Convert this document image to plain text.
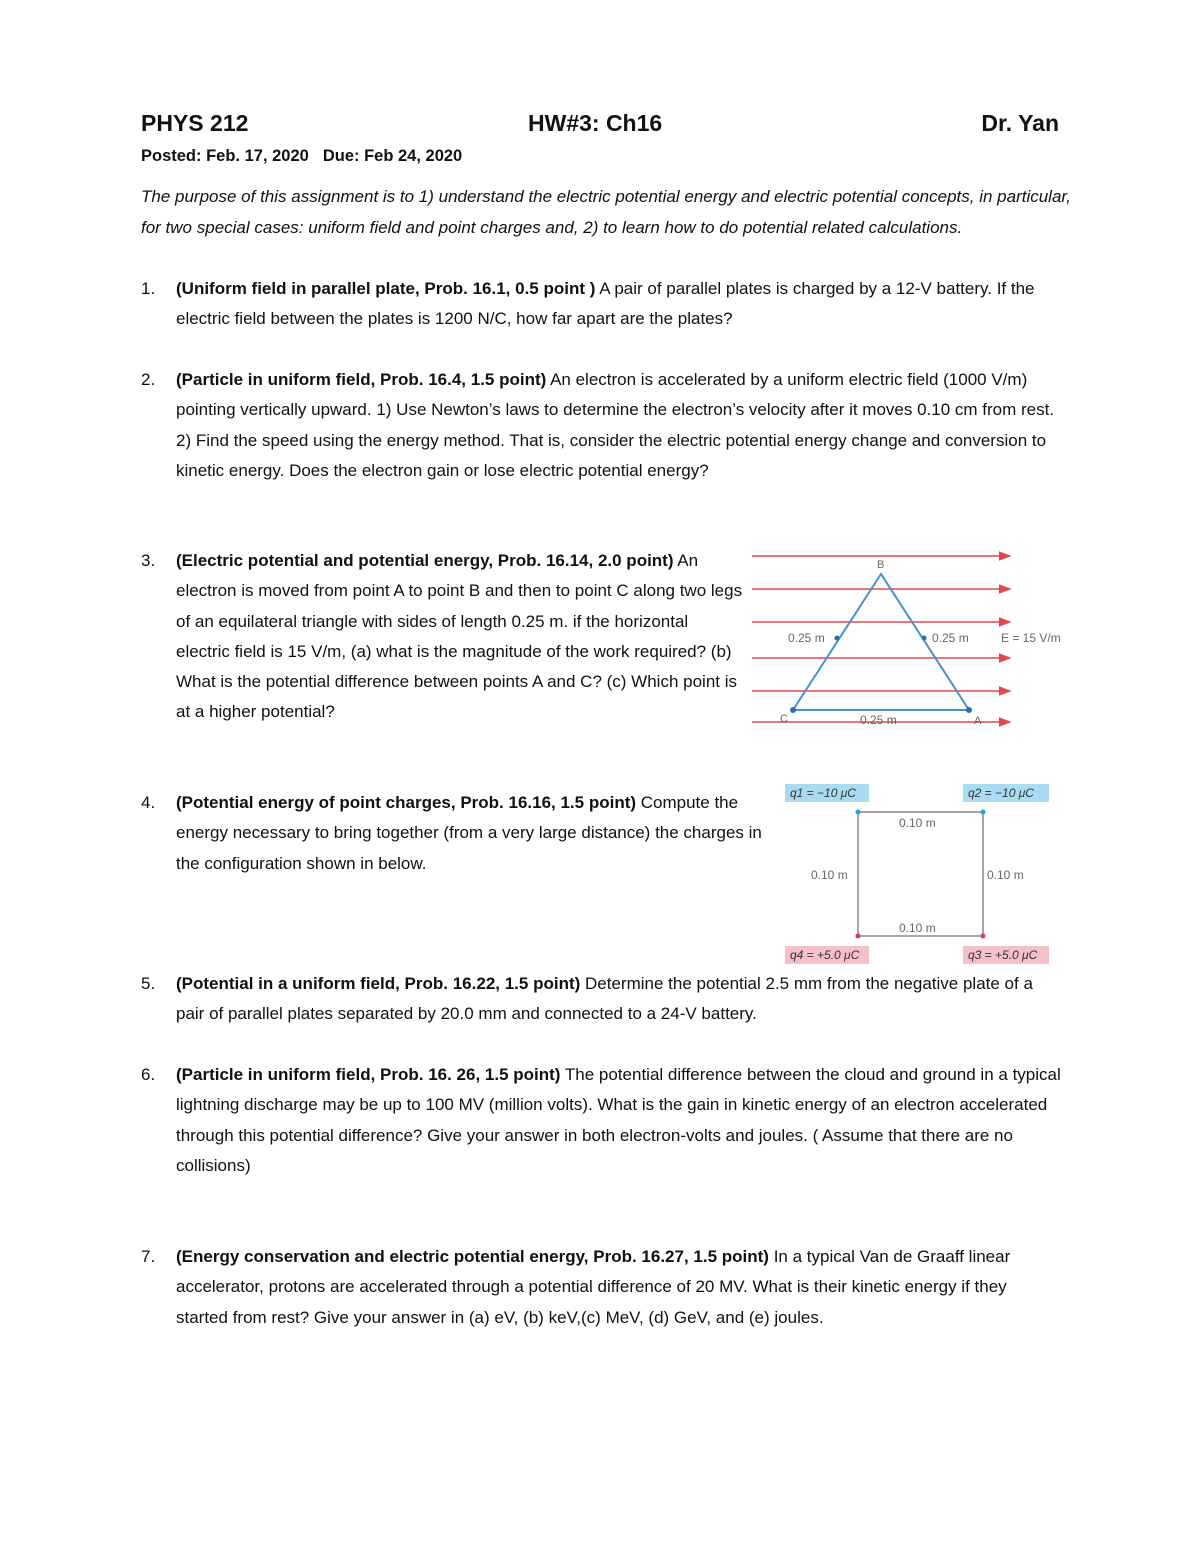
PHYS 212	HW#3: Ch16	Dr. Yan
Posted: Feb. 17, 2020 Due: Feb 24, 2020
The purpose of this assignment is to 1) understand the electric potential energy and electric potential concepts, in particular, for two special cases: uniform field and point charges and, 2) to learn how to do potential related calculations.
1.	(Uniform field in parallel plate, Prob. 16.1, 0.5 point ) A pair of parallel plates is charged by a 12-V battery. If the electric field between the plates is 1200 N/C, how far apart are the plates?
2.	(Particle in uniform field, Prob. 16.4, 1.5 point) An electron is accelerated by a uniform electric field (1000 V/m) pointing vertically upward. 1) Use Newton’s laws to determine the electron’s velocity after it moves 0.10 cm from rest. 2) Find the speed using the energy method. That is, consider the electric potential energy change and conversion to kinetic energy. Does the electron gain or lose electric potential energy?
3.	(Electric potential and potential energy, Prob. 16.14, 2.0 point) An electron is moved from point A to point B and then to point C along two legs of an equilateral triangle with sides of length 0.25 m. if the horizontal electric field is 15 V/m, (a) what is the magnitude of the work required? (b) What is the potential difference between points A and C? (c) Which point is at a higher potential?
4.	(Potential energy of point charges, Prob. 16.16, 1.5 point) Compute the energy necessary to bring together (from a very large distance) the charges in the configuration shown in below.
5.	(Potential in a uniform field, Prob. 16.22, 1.5 point) Determine the potential 2.5 mm from the negative plate of a pair of parallel plates separated by 20.0 mm and connected to a 24-V battery.
6.	(Particle in uniform field, Prob. 16. 26, 1.5 point) The potential difference between the cloud and ground in a typical lightning discharge may be up to 100 MV (million volts). What is the gain in kinetic energy of an electron accelerated through this potential difference? Give your answer in both electron-volts and joules. ( Assume that there are no collisions)
7.	(Energy conservation and electric potential energy, Prob. 16.27, 1.5 point) In a typical Van de Graaff linear accelerator, protons are accelerated through a potential difference of 20 MV. What is their kinetic energy if they started from rest? Give your answer in (a) eV, (b) keV,(c) MeV, (d) GeV, and (e) joules.
B
C	A
0.25 m	0.25 m
0.25 m
E = 15 V/m
q1 = −10 μC	q2 = −10 μC
q4 = +5.0 μC	q3 = +5.0 μC
0.10 m
0.10 m	0.10 m
0.10 m
